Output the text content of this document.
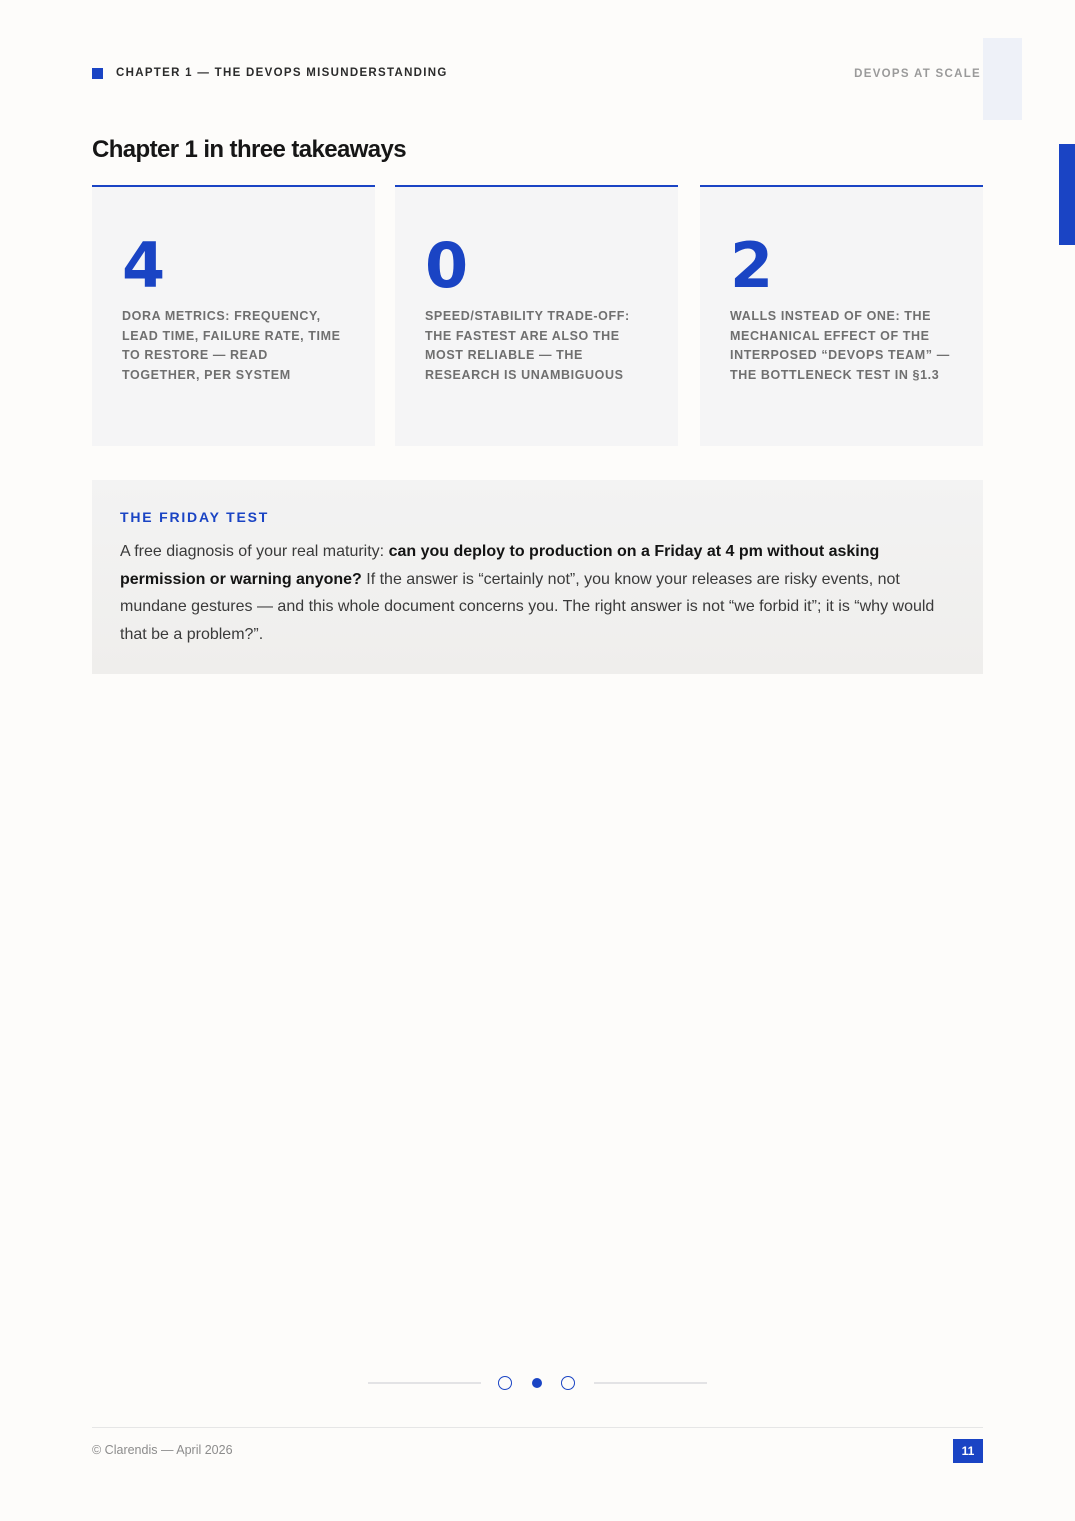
CHAPTER 1 — THE DEVOPS MISUNDERSTANDING	DEVOPS AT SCALE
Chapter 1 in three takeaways
4
DORA METRICS: FREQUENCY, LEAD TIME, FAILURE RATE, TIME TO RESTORE — READ TOGETHER, PER SYSTEM
0
SPEED/STABILITY TRADE-OFF: THE FASTEST ARE ALSO THE MOST RELIABLE — THE RESEARCH IS UNAMBIGUOUS
2
WALLS INSTEAD OF ONE: THE MECHANICAL EFFECT OF THE INTERPOSED “DEVOPS TEAM” — THE BOTTLENECK TEST IN §1.3
THE FRIDAY TEST

A free diagnosis of your real maturity: can you deploy to production on a Friday at 4 pm without asking permission or warning anyone? If the answer is “certainly not”, you know your releases are risky events, not mundane gestures — and this whole document concerns you. The right answer is not “we forbid it”; it is “why would that be a problem?”.

© Clarendis — April 2026	11
